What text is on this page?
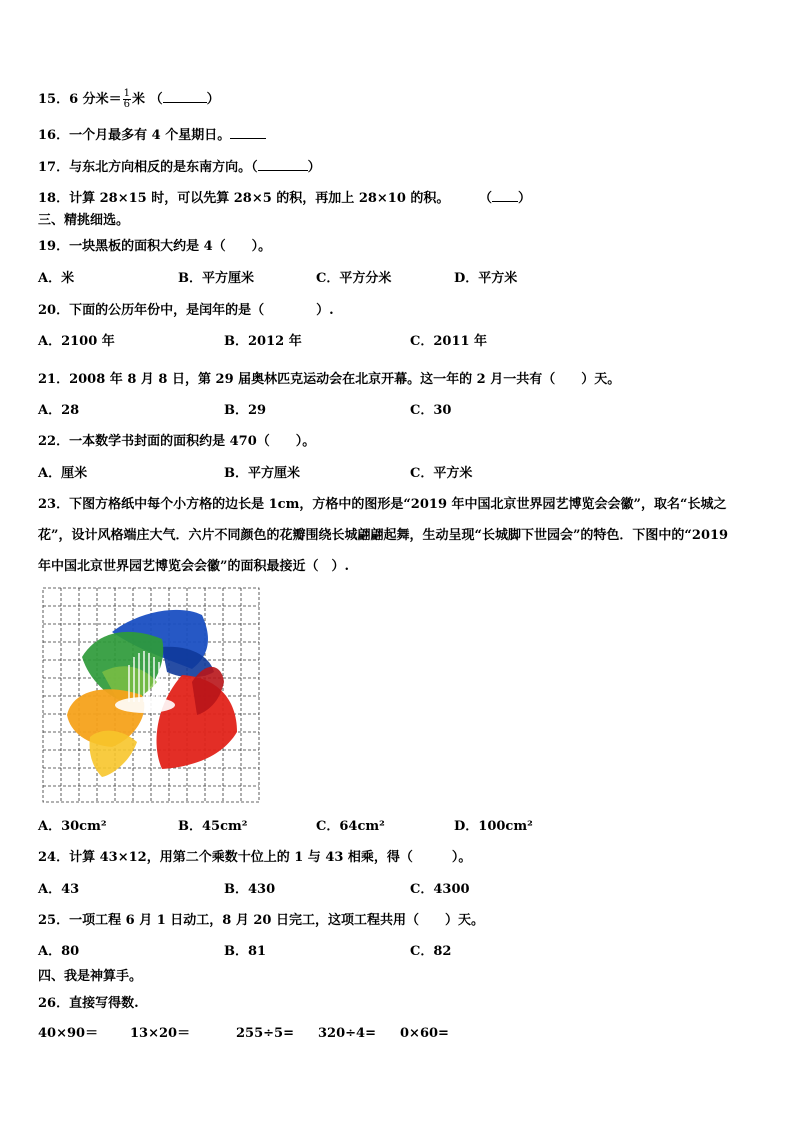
15．6 分米＝ $\frac{1}{6}$ 米 （	）
16．一个月最多有 4 个星期日。
17．与东北方向相反的是东南方向。（	）
18．计算 28×15 时，可以先算 28×5 的积，再加上 28×10 的积。	（ ）
三、精挑细选。
19．一块黑板的面积大约是 4（　　）。
A．米	B．平方厘米	C．平方分米	D．平方米
20．下面的公历年份中，是闰年的是（　　　　）.
A．2100 年	B．2012 年	C．2011 年
21．2008 年 8 月 8 日，第 29 届奥林匹克运动会在北京开幕。这一年的 2 月一共有（　　）天。
A．28	B．29	C．30
22．一本数学书封面的面积约是 470（　　）。
A．厘米	B．平方厘米	C．平方米
23．下图方格纸中每个小方格的边长是 1cm，方格中的图形是“2019 年中国北京世界园艺博览会会徽”，取名“长城之
花”，设计风格端庄大气．六片不同颜色的花瓣围绕长城翩翩起舞，生动呈现“长城脚下世园会”的特色．下图中的“2019
年中国北京世界园艺博览会会徽”的面积最接近（　）.
A．30cm²	B．45cm²	C．64cm²	D．100cm²
24．计算 43×12，用第二个乘数十位上的 1 与 43 相乘，得（　　　）。
A．43	B．430	C．4300
25．一项工程 6 月 1 日动工，8 月 20 日完工，这项工程共用（　　）天。
A．80	B．81	C．82
四、我是神算手。
26．直接写得数.
40×90＝ 13×20＝	255÷5= 320÷4= 0×60=
